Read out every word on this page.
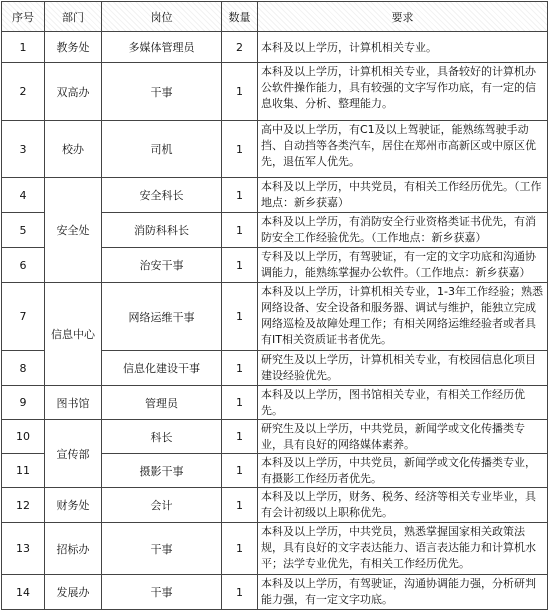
序号	部门	岗位	数量	要求
1	教务处	多媒体管理员	2	本科及以上学历，计算机相关专业。
2	双高办	干事	1	本科及以上学历，计算机相关专业，具备较好的计算机办公软件操作能力，具有较强的文字写作功底，有一定的信息收集、分析、整理能力。
3	校办	司机	1	高中及以上学历，有C1及以上驾驶证，能熟练驾驶手动挡、自动挡等各类汽车，居住在郑州市高新区或中原区优先，退伍军人优先。
4	安全处	安全科长	1	本科及以上学历，中共党员，有相关工作经历优先。（工作地点：新乡获嘉）
5		消防科科长	1	本科及以上学历，有消防安全行业资格类证书优先，有消防安全工作经验优先。（工作地点：新乡获嘉）
6		治安干事	1	专科及以上学历，有驾驶证，有一定的文字功底和沟通协调能力，能熟练掌握办公软件。（工作地点：新乡获嘉）
7	信息中心	网络运维干事	1	本科及以上学历，计算机相关专业，1-3年工作经验；熟悉网络设备、安全设备和服务器、调试与维护，能独立完成网络巡检及故障处理工作；有相关网络运维经验者或者具有IT相关资质证书者优先。
8		信息化建设干事	1	研究生及以上学历，计算机相关专业，有校园信息化项目建设经验优先。
9	图书馆	管理员	1	本科及以上学历，图书馆相关专业，有相关工作经历优先。
10	宣传部	科长	1	研究生及以上学历，中共党员，新闻学或文化传播类专业，具有良好的网络媒体素养。
11		摄影干事	1	本科及以上学历，中共党员，新闻学或文化传播类专业，有摄影工作经历者优先。
12	财务处	会计	1	本科及以上学历，财务、税务、经济等相关专业毕业，具有会计初级以上职称优先。
13	招标办	干事	1	本科及以上学历，中共党员，熟悉掌握国家相关政策法规，具有良好的文字表达能力、语言表达能力和计算机水平；法学专业优先，有相关工作经历优先。
14	发展办	干事	1	本科及以上学历，有驾驶证，沟通协调能力强，分析研判能力强，有一定文字功底。
